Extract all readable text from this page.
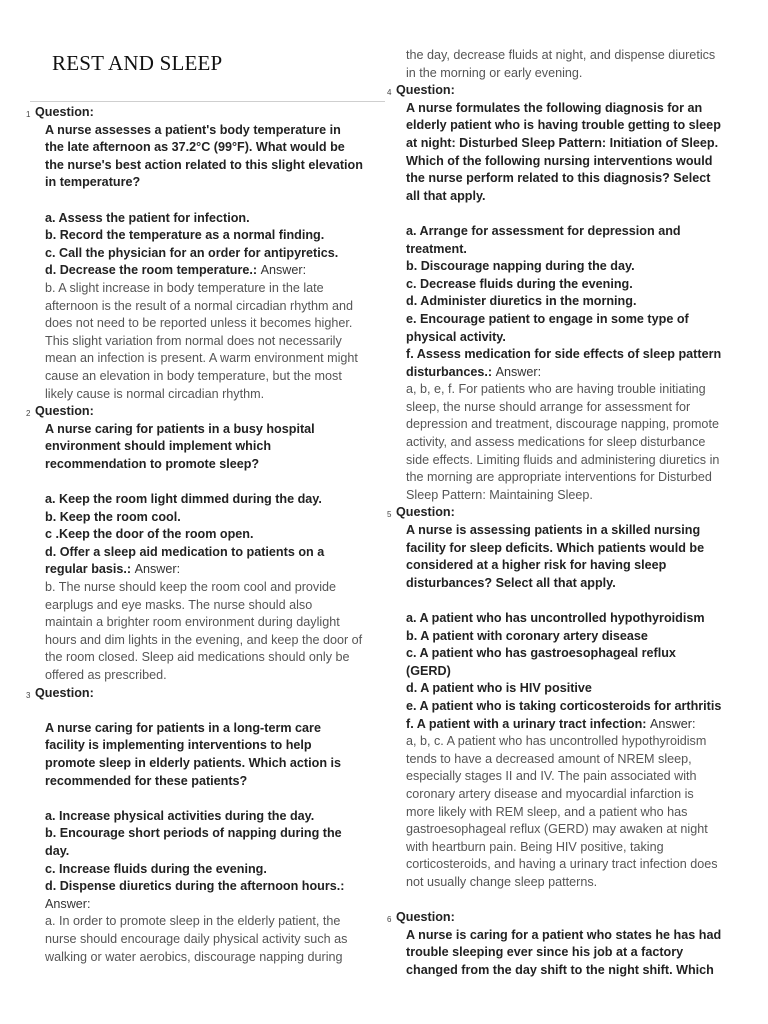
REST AND SLEEP
1 Question:
A nurse assesses a patient's body temperature in the late afternoon as 37.2°C (99°F). What would be the nurse's best action related to this slight elevation in temperature?
a. Assess the patient for infection.
b. Record the temperature as a normal finding.
c. Call the physician for an order for antipyretics.
d. Decrease the room temperature.: Answer:
b. A slight increase in body temperature in the late afternoon is the result of a normal circadian rhythm and does not need to be reported unless it becomes higher. This slight variation from normal does not necessarily mean an infection is present. A warm environment might cause an elevation in body temperature, but the most likely cause is normal circadian rhythm.
2 Question:
A nurse caring for patients in a busy hospital environment should implement which recommendation to promote sleep?
a. Keep the room light dimmed during the day.
b. Keep the room cool.
c .Keep the door of the room open.
d. Offer a sleep aid medication to patients on a regular basis.: Answer:
b. The nurse should keep the room cool and provide earplugs and eye masks. The nurse should also maintain a brighter room environment during daylight hours and dim lights in the evening, and keep the door of the room closed. Sleep aid medications should only be offered as prescribed.
3 Question:
A nurse caring for patients in a long-term care facility is implementing interventions to help promote sleep in elderly patients. Which action is recommended for these patients?
a. Increase physical activities during the day.
b. Encourage short periods of napping during the day.
c. Increase fluids during the evening.
d. Dispense diuretics during the afternoon hours.: Answer:
a. In order to promote sleep in the elderly patient, the nurse should encourage daily physical activity such as walking or water aerobics, discourage napping during
the day, decrease fluids at night, and dispense diuretics in the morning or early evening.
4 Question:
A nurse formulates the following diagnosis for an elderly patient who is having trouble getting to sleep at night: Disturbed Sleep Pattern: Initiation of Sleep. Which of the following nursing interventions would the nurse perform related to this diagnosis? Select all that apply.
a. Arrange for assessment for depression and treatment.
b. Discourage napping during the day.
c. Decrease fluids during the evening.
d. Administer diuretics in the morning.
e. Encourage patient to engage in some type of physical activity.
f. Assess medication for side effects of sleep pattern disturbances.: Answer:
a, b, e, f. For patients who are having trouble initiating sleep, the nurse should arrange for assessment for depression and treatment, discourage napping, promote activity, and assess medications for sleep disturbance side effects. Limiting fluids and administering diuretics in the morning are appropriate interventions for Disturbed Sleep Pattern: Maintaining Sleep.
5 Question:
A nurse is assessing patients in a skilled nursing facility for sleep deficits. Which patients would be considered at a higher risk for having sleep disturbances? Select all that apply.
a. A patient who has uncontrolled hypothyroidism
b. A patient with coronary artery disease
c. A patient who has gastroesophageal reflux (GERD)
d. A patient who is HIV positive
e. A patient who is taking corticosteroids for arthritis
f. A patient with a urinary tract infection: Answer:
a, b, c. A patient who has uncontrolled hypothyroidism tends to have a decreased amount of NREM sleep, especially stages II and IV. The pain associated with coronary artery disease and myocardial infarction is more likely with REM sleep, and a patient who has gastroesophageal reflux (GERD) may awaken at night with heartburn pain. Being HIV positive, taking corticosteroids, and having a urinary tract infection does not usually change sleep patterns.
6 Question:
A nurse is caring for a patient who states he has had trouble sleeping ever since his job at a factory changed from the day shift to the night shift. Which
